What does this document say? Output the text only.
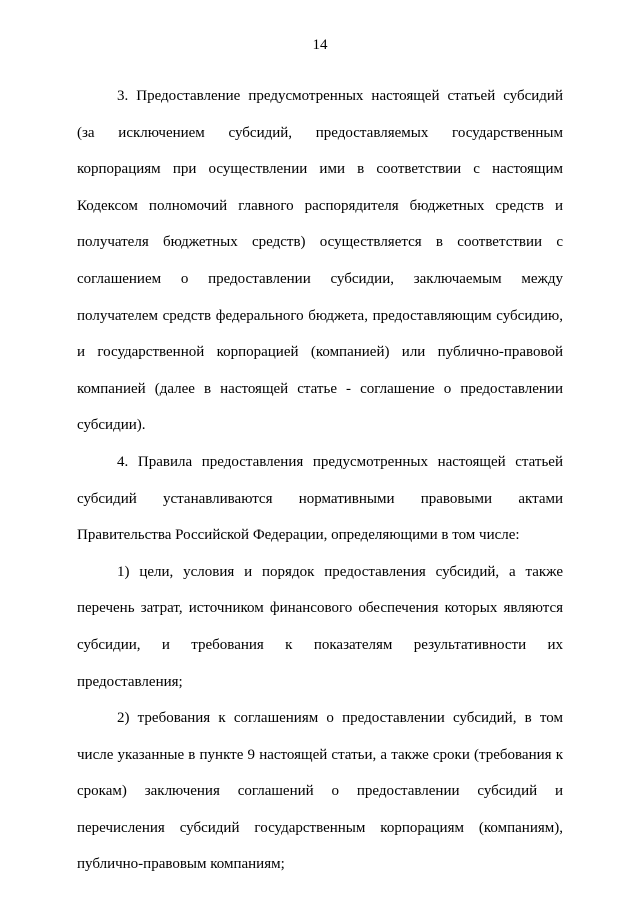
14

3. Предоставление предусмотренных настоящей статьей субсидий (за исключением субсидий, предоставляемых государственным корпорациям при осуществлении ими в соответствии с настоящим Кодексом полномочий главного распорядителя бюджетных средств и получателя бюджетных средств) осуществляется в соответствии с соглашением о предоставлении субсидии, заключаемым между получателем средств федерального бюджета, предоставляющим субсидию, и государственной корпорацией (компанией) или публично-правовой компанией (далее в настоящей статье - соглашение о предоставлении субсидии).

4. Правила предоставления предусмотренных настоящей статьей субсидий устанавливаются нормативными правовыми актами Правительства Российской Федерации, определяющими в том числе:

1) цели, условия и порядок предоставления субсидий, а также перечень затрат, источником финансового обеспечения которых являются субсидии, и требования к показателям результативности их предоставления;

2) требования к соглашениям о предоставлении субсидий, в том числе указанные в пункте 9 настоящей статьи, а также сроки (требования к срокам) заключения соглашений о предоставлении субсидий и перечисления субсидий государственным корпорациям (компаниям), публично-правовым компаниям;
